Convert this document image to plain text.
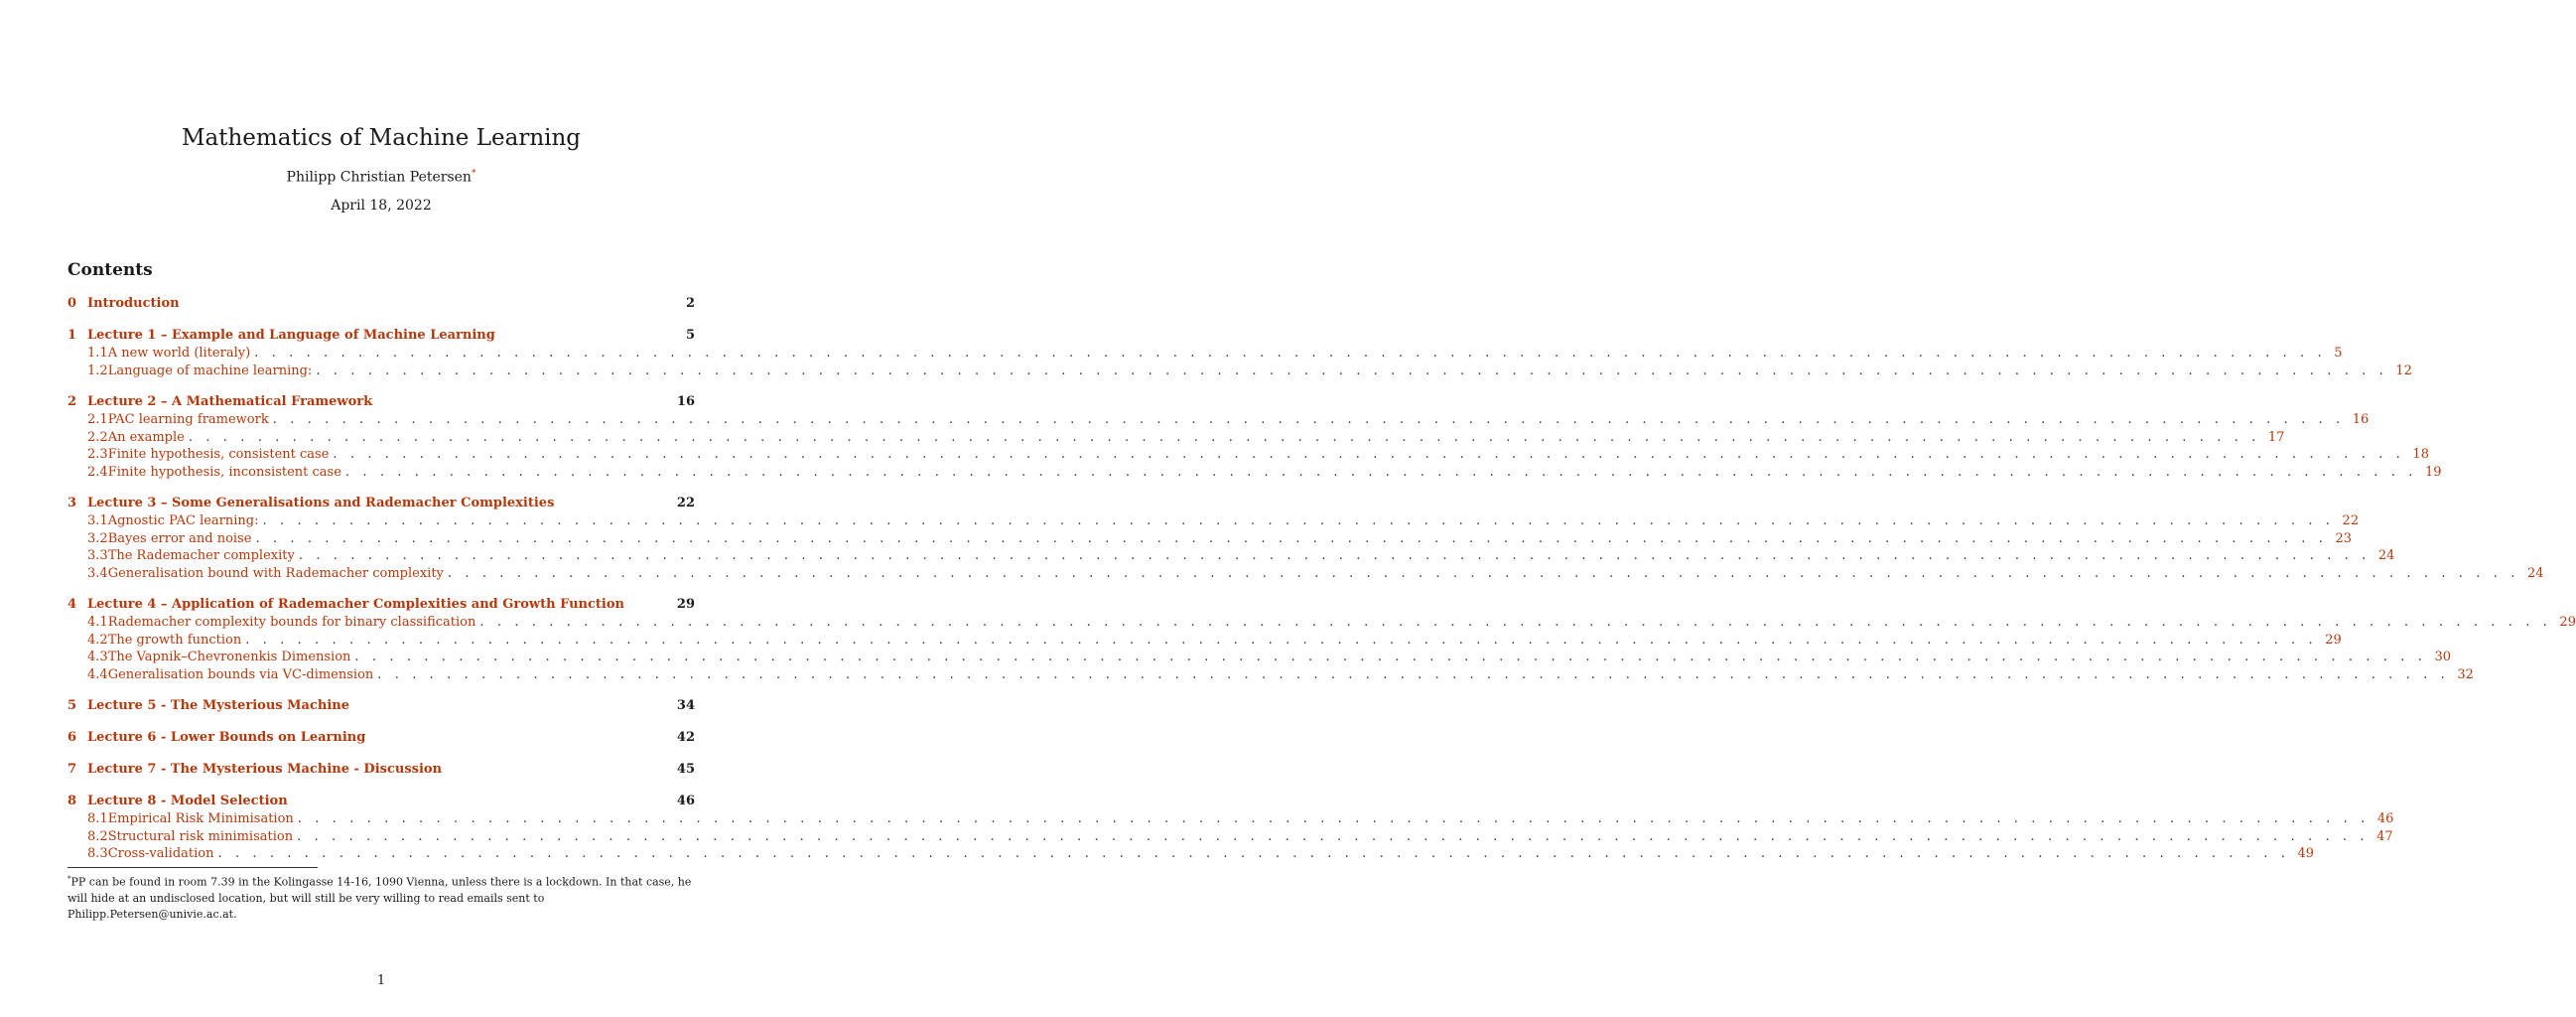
Mathematics of Machine Learning
Philipp Christian Petersen*
April 18, 2022
Contents
0 Introduction	2
1 Lecture 1 – Example and Language of Machine Learning	5
1.1 A new world (literaly) . . . . . . . . . . . . . . . . . . . . . . . . . . . . . . . . . . . . . . . . . . . . . . . . . . . . . . . . . . . . . . . . . . . . . . . . . . . . . . . . . . . . . . . . . . . . . . . . . . . . . . . . . . . . . . . . . . . . . . . . 5
1.2 Language of machine learning: . . . . . . . . . . . . . . . . . . . . . . . . . . . . . . . . . . . . . . . . . . . . . . . . . . . . . . . . . . . . . . . . . . . . . . . . . . . . . . . . . . . . . . . . . . . . . . . . . . . . . . . . . . . . . . . . . . . . . . . . 12
2 Lecture 2 – A Mathematical Framework	16
2.1 PAC learning framework . . . . . . . . . . . . . . . . . . . . . . . . . . . . . . . . . . . . . . . . . . . . . . . . . . . . . . . . . . . . . . . . . . . . . . . . . . . . . . . . . . . . . . . . . . . . . . . . . . . . . . . . . . . . . . . . . . . . . . . . 16
2.2 An example . . . . . . . . . . . . . . . . . . . . . . . . . . . . . . . . . . . . . . . . . . . . . . . . . . . . . . . . . . . . . . . . . . . . . . . . . . . . . . . . . . . . . . . . . . . . . . . . . . . . . . . . . . . . . . . . . . . . . . . . 17
2.3 Finite hypothesis, consistent case . . . . . . . . . . . . . . . . . . . . . . . . . . . . . . . . . . . . . . . . . . . . . . . . . . . . . . . . . . . . . . . . . . . . . . . . . . . . . . . . . . . . . . . . . . . . . . . . . . . . . . . . . . . . . . . . . . . . . . . . 18
2.4 Finite hypothesis, inconsistent case . . . . . . . . . . . . . . . . . . . . . . . . . . . . . . . . . . . . . . . . . . . . . . . . . . . . . . . . . . . . . . . . . . . . . . . . . . . . . . . . . . . . . . . . . . . . . . . . . . . . . . . . . . . . . . . . . . . . . . . . 19
3 Lecture 3 – Some Generalisations and Rademacher Complexities	22
3.1 Agnostic PAC learning: . . . . . . . . . . . . . . . . . . . . . . . . . . . . . . . . . . . . . . . . . . . . . . . . . . . . . . . . . . . . . . . . . . . . . . . . . . . . . . . . . . . . . . . . . . . . . . . . . . . . . . . . . . . . . . . . . . . . . . . . 22
3.2 Bayes error and noise . . . . . . . . . . . . . . . . . . . . . . . . . . . . . . . . . . . . . . . . . . . . . . . . . . . . . . . . . . . . . . . . . . . . . . . . . . . . . . . . . . . . . . . . . . . . . . . . . . . . . . . . . . . . . . . . . . . . . . . . 23
3.3 The Rademacher complexity . . . . . . . . . . . . . . . . . . . . . . . . . . . . . . . . . . . . . . . . . . . . . . . . . . . . . . . . . . . . . . . . . . . . . . . . . . . . . . . . . . . . . . . . . . . . . . . . . . . . . . . . . . . . . . . . . . . . . . . . 24
3.4 Generalisation bound with Rademacher complexity . . . . . . . . . . . . . . . . . . . . . . . . . . . . . . . . . . . . . . . . . . . . . . . . . . . . . . . . . . . . . . . . . . . . . . . . . . . . . . . . . . . . . . . . . . . . . . . . . . . . . . . . . . . . . . . . . . . . . . . . 24
4 Lecture 4 – Application of Rademacher Complexities and Growth Function	29
4.1 Rademacher complexity bounds for binary classification . . . . . . . . . . . . . . . . . . . . . . . . . . . . . . . . . . . . . . . . . . . . . . . . . . . . . . . . . . . . . . . . . . . . . . . . . . . . . . . . . . . . . . . . . . . . . . . . . . . . . . . . . . . . . . . . . . . . . . . . 29
4.2 The growth function . . . . . . . . . . . . . . . . . . . . . . . . . . . . . . . . . . . . . . . . . . . . . . . . . . . . . . . . . . . . . . . . . . . . . . . . . . . . . . . . . . . . . . . . . . . . . . . . . . . . . . . . . . . . . . . . . . . . . . . . 29
4.3 The Vapnik–Chevronenkis Dimension . . . . . . . . . . . . . . . . . . . . . . . . . . . . . . . . . . . . . . . . . . . . . . . . . . . . . . . . . . . . . . . . . . . . . . . . . . . . . . . . . . . . . . . . . . . . . . . . . . . . . . . . . . . . . . . . . . . . . . . . 30
4.4 Generalisation bounds via VC-dimension . . . . . . . . . . . . . . . . . . . . . . . . . . . . . . . . . . . . . . . . . . . . . . . . . . . . . . . . . . . . . . . . . . . . . . . . . . . . . . . . . . . . . . . . . . . . . . . . . . . . . . . . . . . . . . . . . . . . . . . . 32
5 Lecture 5 - The Mysterious Machine	34
6 Lecture 6 - Lower Bounds on Learning	42
7 Lecture 7 - The Mysterious Machine - Discussion	45
8 Lecture 8 - Model Selection	46
8.1 Empirical Risk Minimisation . . . . . . . . . . . . . . . . . . . . . . . . . . . . . . . . . . . . . . . . . . . . . . . . . . . . . . . . . . . . . . . . . . . . . . . . . . . . . . . . . . . . . . . . . . . . . . . . . . . . . . . . . . . . . . . . . . . . . . . . 46
8.2 Structural risk minimisation . . . . . . . . . . . . . . . . . . . . . . . . . . . . . . . . . . . . . . . . . . . . . . . . . . . . . . . . . . . . . . . . . . . . . . . . . . . . . . . . . . . . . . . . . . . . . . . . . . . . . . . . . . . . . . . . . . . . . . . . 47
8.3 Cross-validation . . . . . . . . . . . . . . . . . . . . . . . . . . . . . . . . . . . . . . . . . . . . . . . . . . . . . . . . . . . . . . . . . . . . . . . . . . . . . . . . . . . . . . . . . . . . . . . . . . . . . . . . . . . . . . . . . . . . . . . . 49
*PP can be found in room 7.39 in the Kolingasse 14-16, 1090 Vienna, unless there is a lockdown. In that case, he will hide at an undisclosed location, but will still be very willing to read emails sent to Philipp.Petersen@univie.ac.at.
1
